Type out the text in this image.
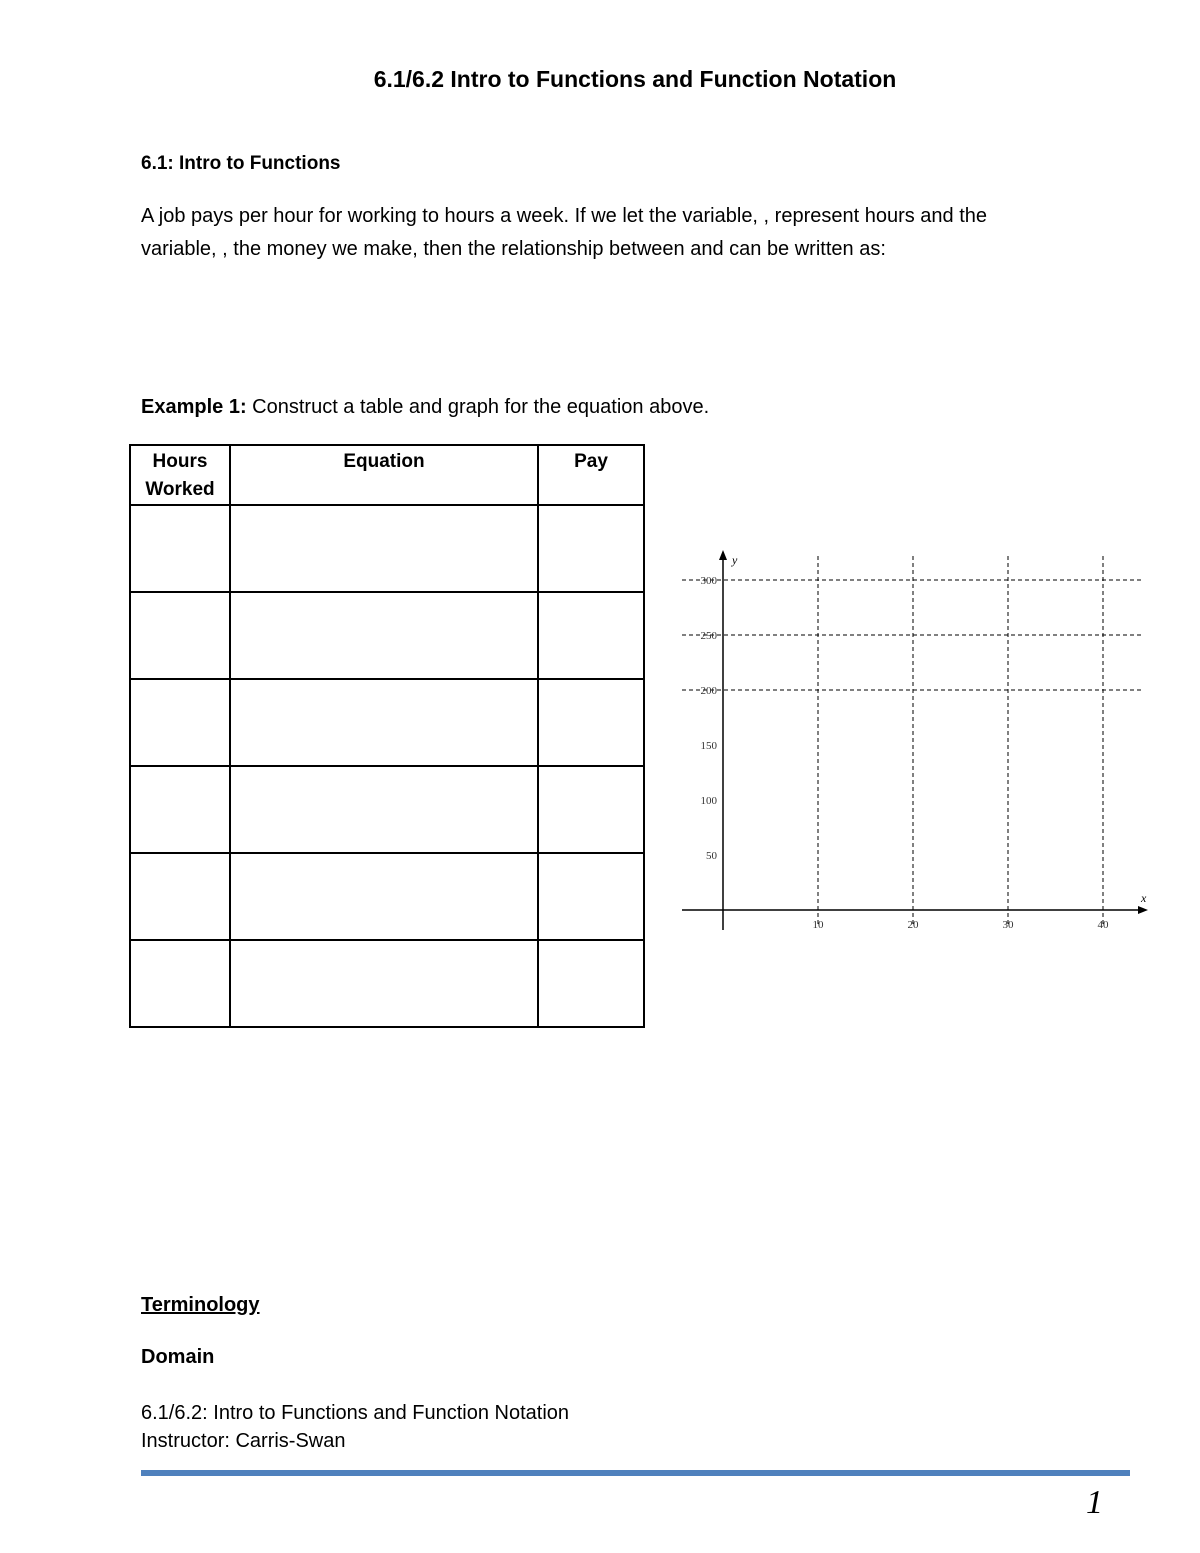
6.1/6.2 Intro to Functions and Function Notation
6.1: Intro to Functions
A job pays per hour for working to hours a week. If we let the variable, , represent hours and the
variable, , the money we make, then the relationship between and can be written as:
Example 1: Construct a table and graph for the equation above.
Hours Worked	Equation	Pay

10	20	30	40
50
100
150
200
250
300
x
y
Terminology
Domain
6.1/6.2: Intro to Functions and Function Notation
Instructor: Carris-Swan
1
